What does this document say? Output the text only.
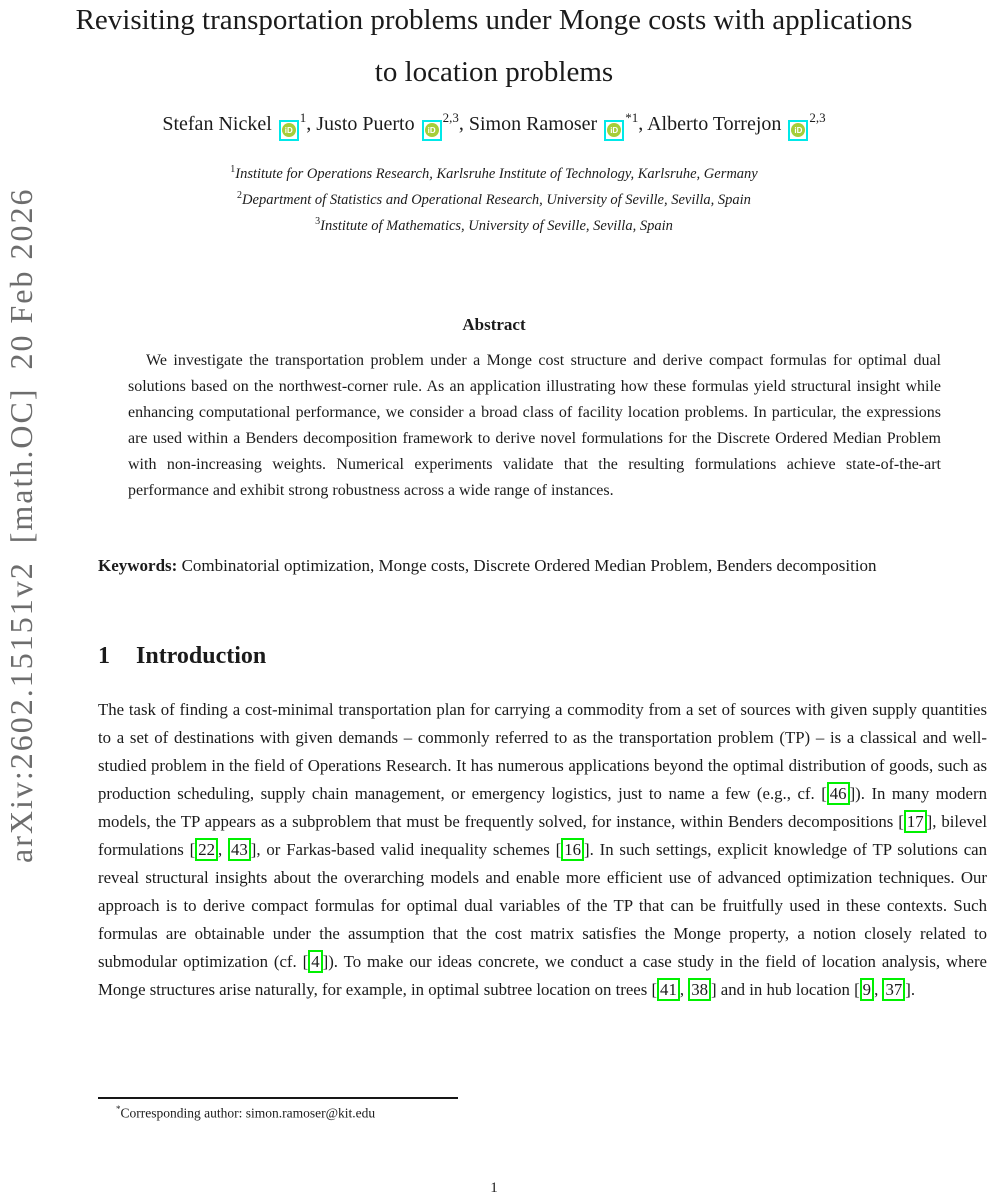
arXiv:2602.15151v2 [math.OC] 20 Feb 2026
Revisiting transportation problems under Monge costs with applications to location problems
Stefan Nickel	iD
$^1$, Justo Puerto	iD
$^{2,3}$, Simon Ramoser	iD
$^{*1}$, Alberto Torrejon	iD
$^{2,3}$
$^1$Institute for Operations Research, Karlsruhe Institute of Technology, Karlsruhe, Germany
$^2$Department of Statistics and Operational Research, University of Seville, Sevilla, Spain
$^3$Institute of Mathematics, University of Seville, Sevilla, Spain
Abstract

We investigate the transportation problem under a Monge cost structure and derive compact formulas for optimal dual solutions based on the northwest-corner rule. As an application illustrating how these formulas yield structural insight while enhancing computational performance, we consider a broad class of facility location problems. In particular, the expressions are used within a Benders decomposition framework to derive novel formulations for the Discrete Ordered Median Problem with non-increasing weights. Numerical experiments validate that the resulting formulations achieve state-of-the-art performance and exhibit strong robustness across a wide range of instances.

Keywords: Combinatorial optimization, Monge costs, Discrete Ordered Median Problem, Benders decomposition

1 Introduction

The task of finding a cost-minimal transportation plan for carrying a commodity from a set of sources with given supply quantities to a set of destinations with given demands – commonly referred to as the transportation problem (TP) – is a classical and well-studied problem in the field of Operations Research. It has numerous applications beyond the optimal distribution of goods, such as production scheduling, supply chain management, or emergency logistics, just to name a few (e.g., cf. [ 46 ]). In many modern models, the TP appears as a subproblem that must be frequently solved, for instance, within Benders decompositions [ 17 ], bilevel formulations [ 22 , 43 ], or Farkas-based valid inequality schemes [ 16 ]. In such settings, explicit knowledge of TP solutions can reveal structural insights about the overarching models and enable more efficient use of advanced optimization techniques. Our approach is to derive compact formulas for optimal dual variables of the TP that can be fruitfully used in these contexts. Such formulas are obtainable under the assumption that the cost matrix satisfies the Monge property, a notion closely related to submodular optimization (cf. [ 4 ]). To make our ideas concrete, we conduct a case study in the field of location analysis, where Monge structures arise naturally, for example, in optimal subtree location on trees [ 41 , 38 ] and in hub location [ 9 , 37 ].

*Corresponding author: simon.ramoser@kit.edu

1
